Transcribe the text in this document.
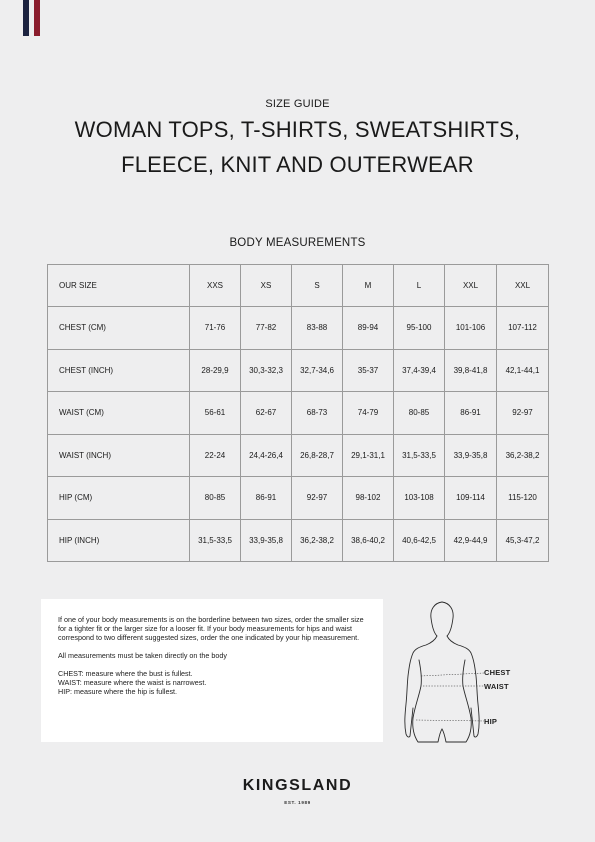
SIZE GUIDE
WOMAN TOPS, T-SHIRTS, SWEATSHIRTS,
FLEECE, KNIT AND OUTERWEAR
BODY MEASUREMENTS
OUR SIZE	XXS	XS	S	M	L	XXL	XXL
CHEST (CM)	71-76	77-82	83-88	89-94	95-100	101-106	107-112
CHEST (INCH)	28-29,9	30,3-32,3	32,7-34,6	35-37	37,4-39,4	39,8-41,8	42,1-44,1
WAIST (CM)	56-61	62-67	68-73	74-79	80-85	86-91	92-97
WAIST (INCH)	22-24	24,4-26,4	26,8-28,7	29,1-31,1	31,5-33,5	33,9-35,8	36,2-38,2
HIP (CM)	80-85	86-91	92-97	98-102	103-108	109-114	115-120
HIP (INCH)	31,5-33,5	33,9-35,8	36,2-38,2	38,6-40,2	40,6-42,5	42,9-44,9	45,3-47,2

If one of your body measurements is on the borderline between two sizes, order the smaller size for a tighter fit or the larger size for a looser fit. If your body measurements for hips and waist correspond to two different suggested sizes, order the one indicated by your hip measurement.

All measurements must be taken directly on the body

CHEST: measure where the bust is fullest.
WAIST: measure where the waist is narrowest.
HIP: measure where the hip is fullest.
CHEST
WAIST
HIP
KINGSLAND
EST. 1989
